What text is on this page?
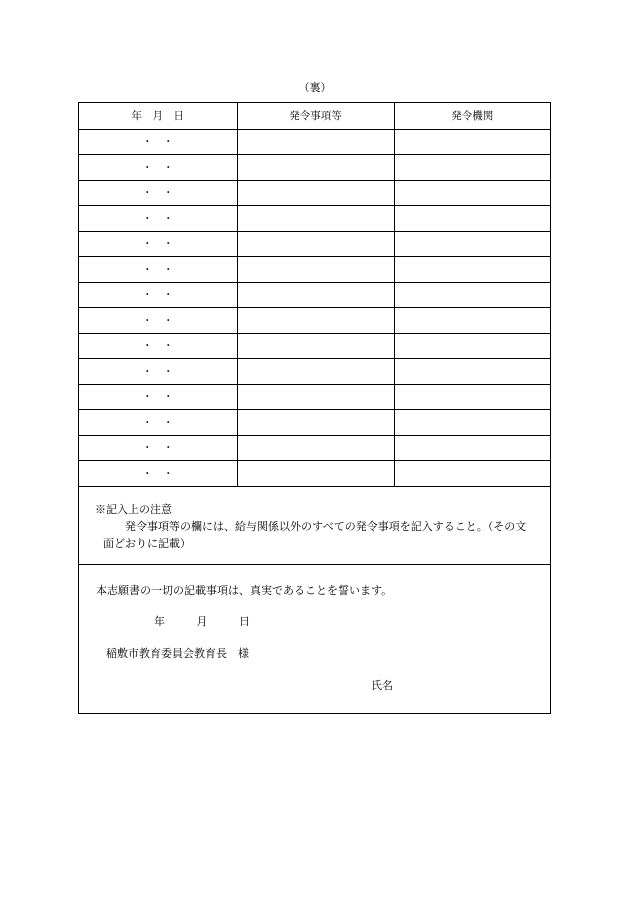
（裏）
年　月　日	発令事項等	発令機関
・　・		
・　・		
・　・		
・　・		
・　・		
・　・		
・　・		
・　・		
・　・		
・　・		
・　・		
・　・		
・　・		
・　・		
※記入上の注意
発令事項等の欄には、給与関係以外のすべての発令事項を記入すること。（その文面どおりに記載）
本志願書の一切の記載事項は、真実であることを誓います。
年	月	日
稲敷市教育委員会教育長　様
氏名
